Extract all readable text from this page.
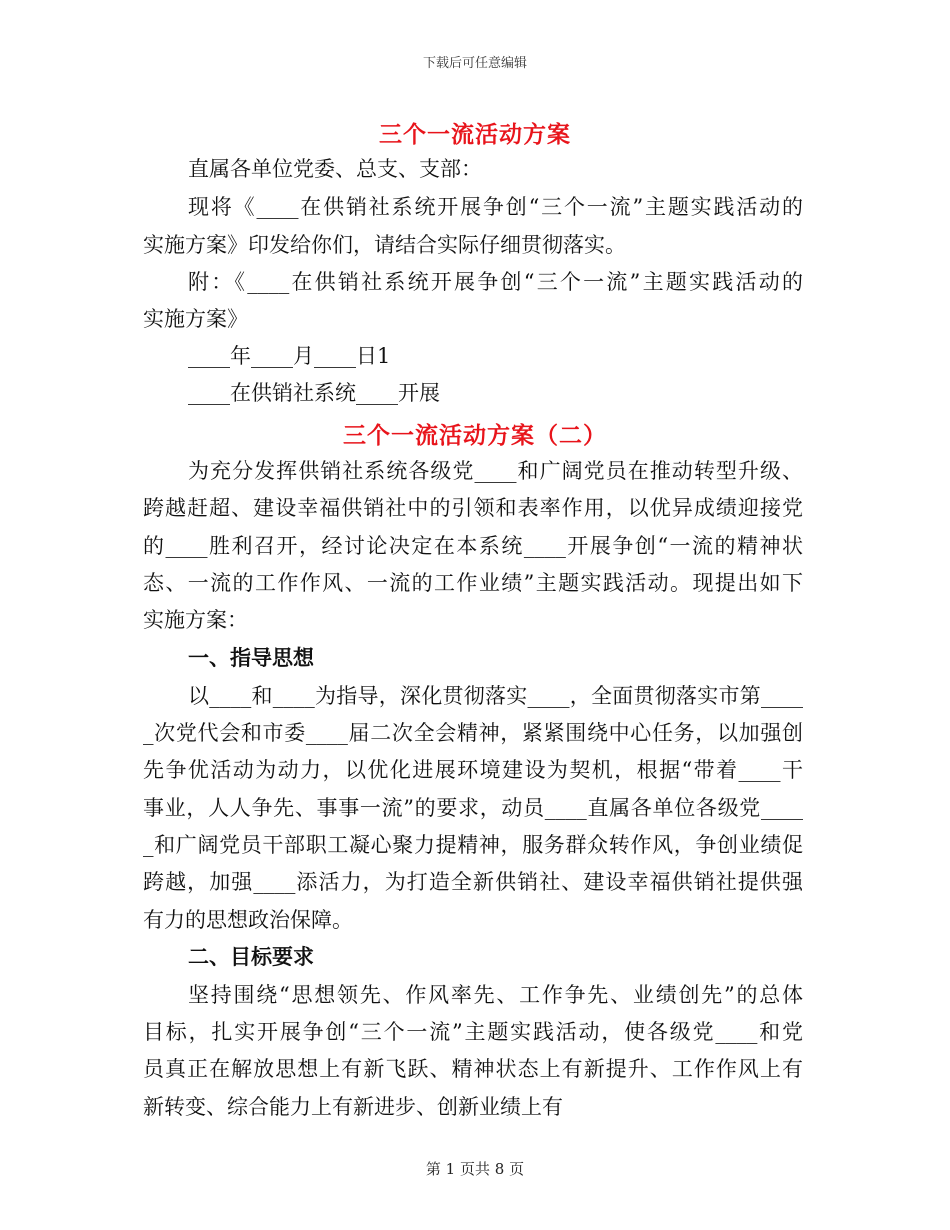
下载后可任意编辑
三个一流活动方案
直属各单位党委、总支、支部：
现将《____在供销社系统开展争创“三个一流”主题实践活动的
实施方案》印发给你们，请结合实际仔细贯彻落实。
附：《____在供销社系统开展争创“三个一流”主题实践活动的
实施方案》
____年____月____日1
____在供销社系统____开展
三个一流活动方案（二）
为充分发挥供销社系统各级党____和广阔党员在推动转型升级、
跨越赶超、建设幸福供销社中的引领和表率作用，以优异成绩迎接党
的____胜利召开，经讨论决定在本系统____开展争创“一流的精神状
态、一流的工作作风、一流的工作业绩”主题实践活动。现提出如下
实施方案：
一、指导思想
以____和____为指导，深化贯彻落实____，全面贯彻落实市第____
_次党代会和市委____届二次全会精神，紧紧围绕中心任务，以加强创
先争优活动为动力，以优化进展环境建设为契机，根据“带着____干
事业，人人争先、事事一流”的要求，动员____直属各单位各级党____
_和广阔党员干部职工凝心聚力提精神，服务群众转作风，争创业绩促
跨越，加强____添活力，为打造全新供销社、建设幸福供销社提供强
有力的思想政治保障。
二、目标要求
坚持围绕“思想领先、作风率先、工作争先、业绩创先”的总体
目标，扎实开展争创“三个一流”主题实践活动，使各级党____和党
员真正在解放思想上有新飞跃、精神状态上有新提升、工作作风上有
新转变、综合能力上有新进步、创新业绩上有
第 1 页共 8 页
